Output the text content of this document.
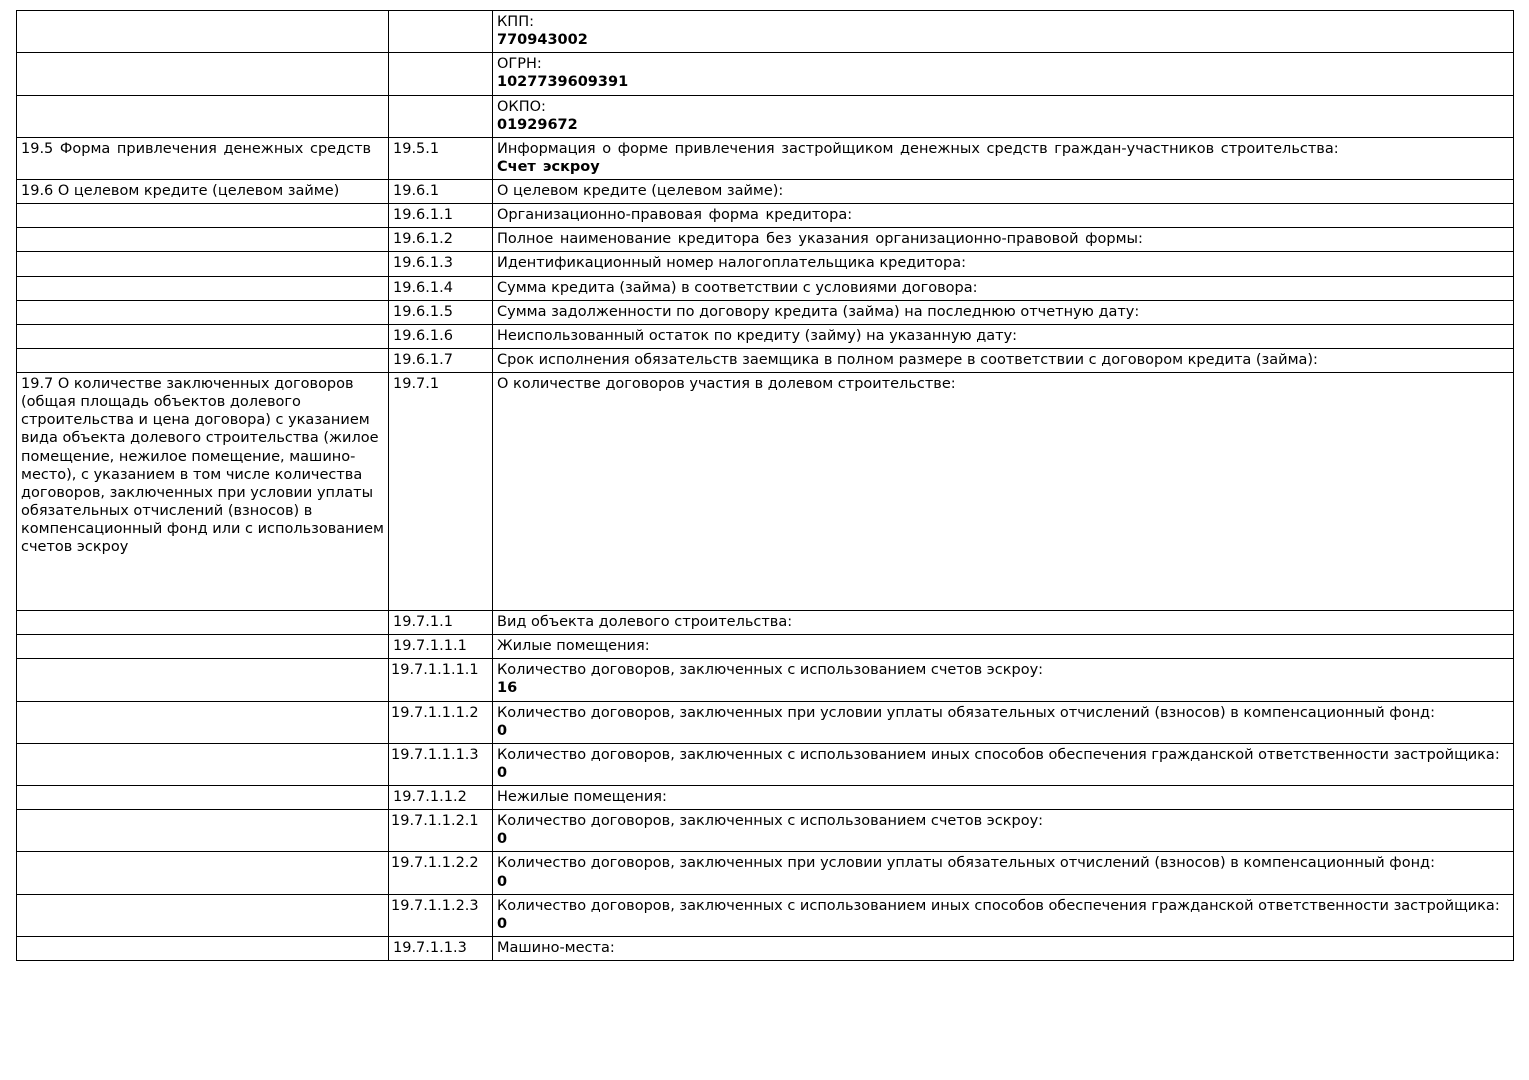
		КПП:
770943002

		ОГРН:
1027739609391

		ОКПО:
01929672

19.5 Форма привлечения денежных средств	19.5.1	Информация о форме привлечения застройщиком денежных средств граждан-участников строительства:
Счет эскроу

19.6 О целевом кредите (целевом займе)	19.6.1	О целевом кредите (целевом займе):
	19.6.1.1	Организационно-правовая форма кредитора:
	19.6.1.2	Полное наименование кредитора без указания организационно-правовой формы:
	19.6.1.3	Идентификационный номер налогоплательщика кредитора:
	19.6.1.4	Сумма кредита (займа) в соответствии с условиями договора:
	19.6.1.5	Сумма задолженности по договору кредита (займа) на последнюю отчетную дату:
	19.6.1.6	Неиспользованный остаток по кредиту (займу) на указанную дату:
	19.6.1.7	Срок исполнения обязательств заемщика в полном размере в соответствии с договором кредита (займа):
19.7 О количестве заключенных договоров (общая площадь объектов долевого строительства и цена договора) с указанием вида объекта долевого строительства (жилое помещение, нежилое помещение, машино-место), с указанием в том числе количества договоров, заключенных при условии уплаты обязательных отчислений (взносов) в компенсационный фонд или с использованием счетов эскроу	19.7.1	О количестве договоров участия в долевом строительстве:
	19.7.1.1	Вид объекта долевого строительства:
	19.7.1.1.1	Жилые помещения:
	19.7.1.1.1.1	Количество договоров, заключенных с использованием счетов эскроу:
16

	19.7.1.1.1.2	Количество договоров, заключенных при условии уплаты обязательных отчислений (взносов) в компенсационный фонд:
0

	19.7.1.1.1.3	Количество договоров, заключенных с использованием иных способов обеспечения гражданской ответственности застройщика:
0

	19.7.1.1.2	Нежилые помещения:
	19.7.1.1.2.1	Количество договоров, заключенных с использованием счетов эскроу:
0

	19.7.1.1.2.2	Количество договоров, заключенных при условии уплаты обязательных отчислений (взносов) в компенсационный фонд:
0

	19.7.1.1.2.3	Количество договоров, заключенных с использованием иных способов обеспечения гражданской ответственности застройщика:
0

	19.7.1.1.3	Машино-места:
